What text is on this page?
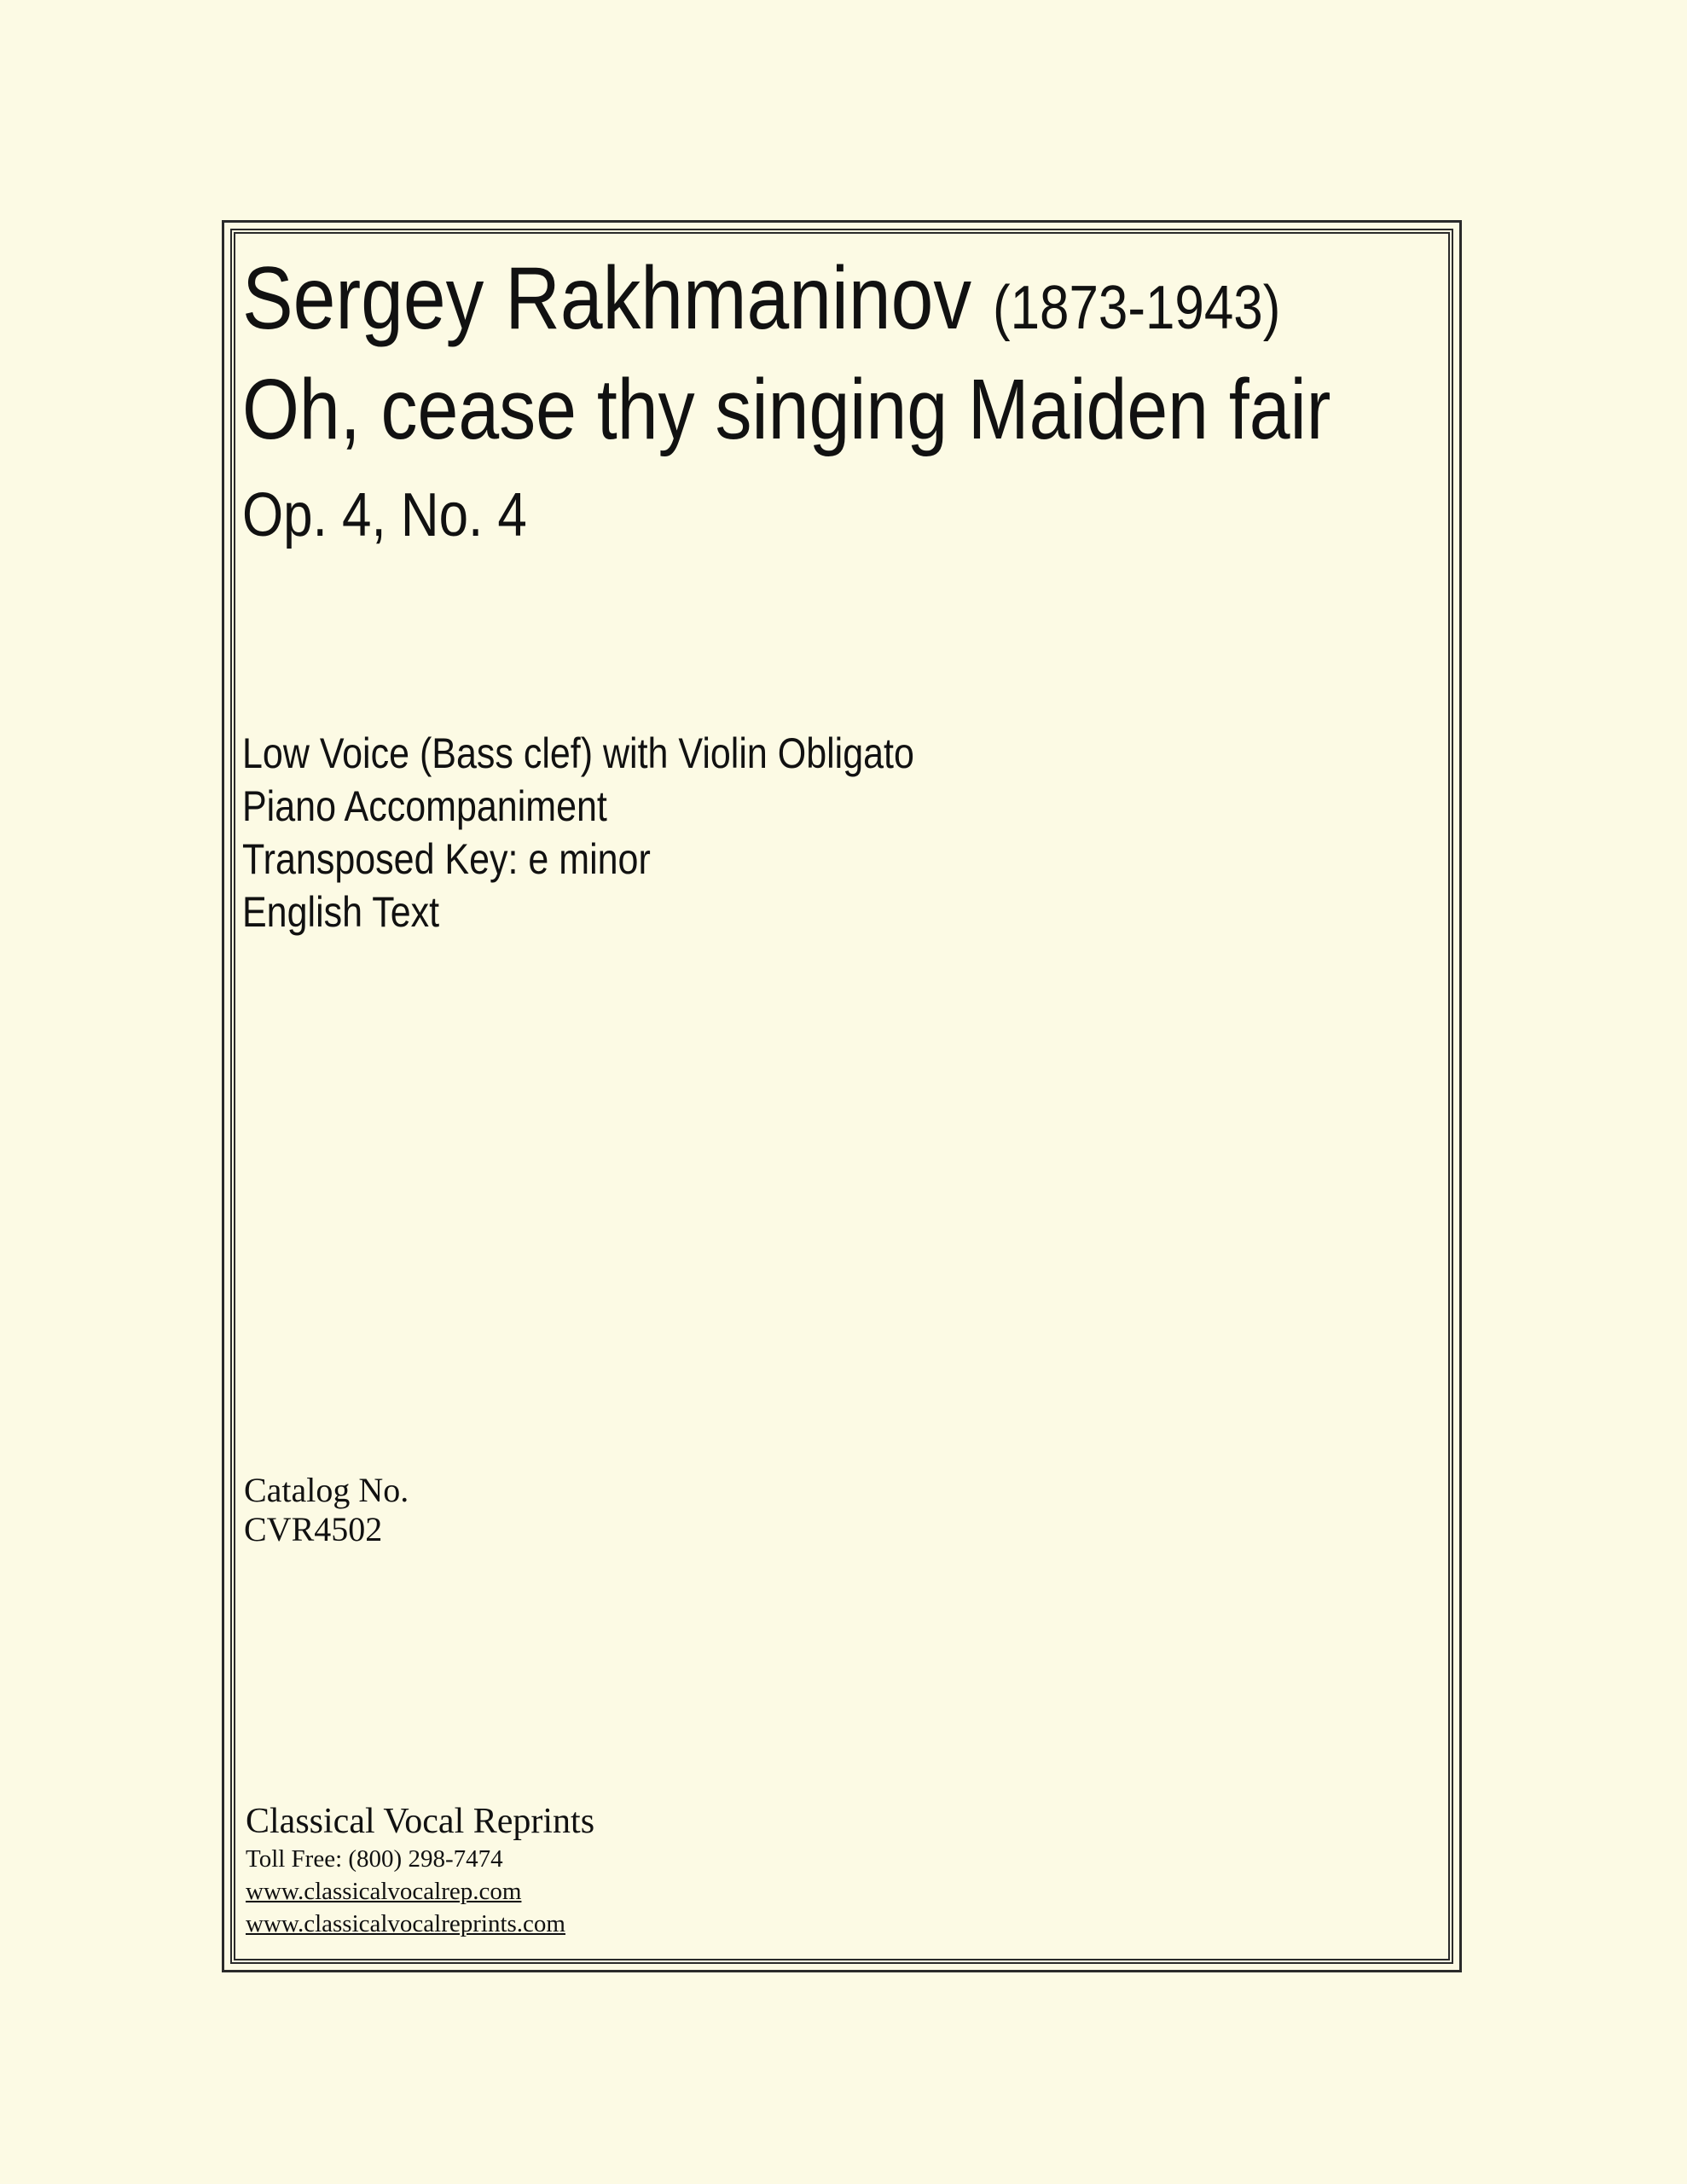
Sergey Rakhmaninov (1873-1943)
Oh, cease thy singing Maiden fair
Op. 4, No. 4
Low Voice (Bass clef) with Violin Obligato
Piano Accompaniment
Transposed Key: e minor
English Text
Catalog No.
CVR4502
Classical Vocal Reprints
Toll Free: (800) 298-7474
www.classicalvocalrep.com
www.classicalvocalreprints.com
